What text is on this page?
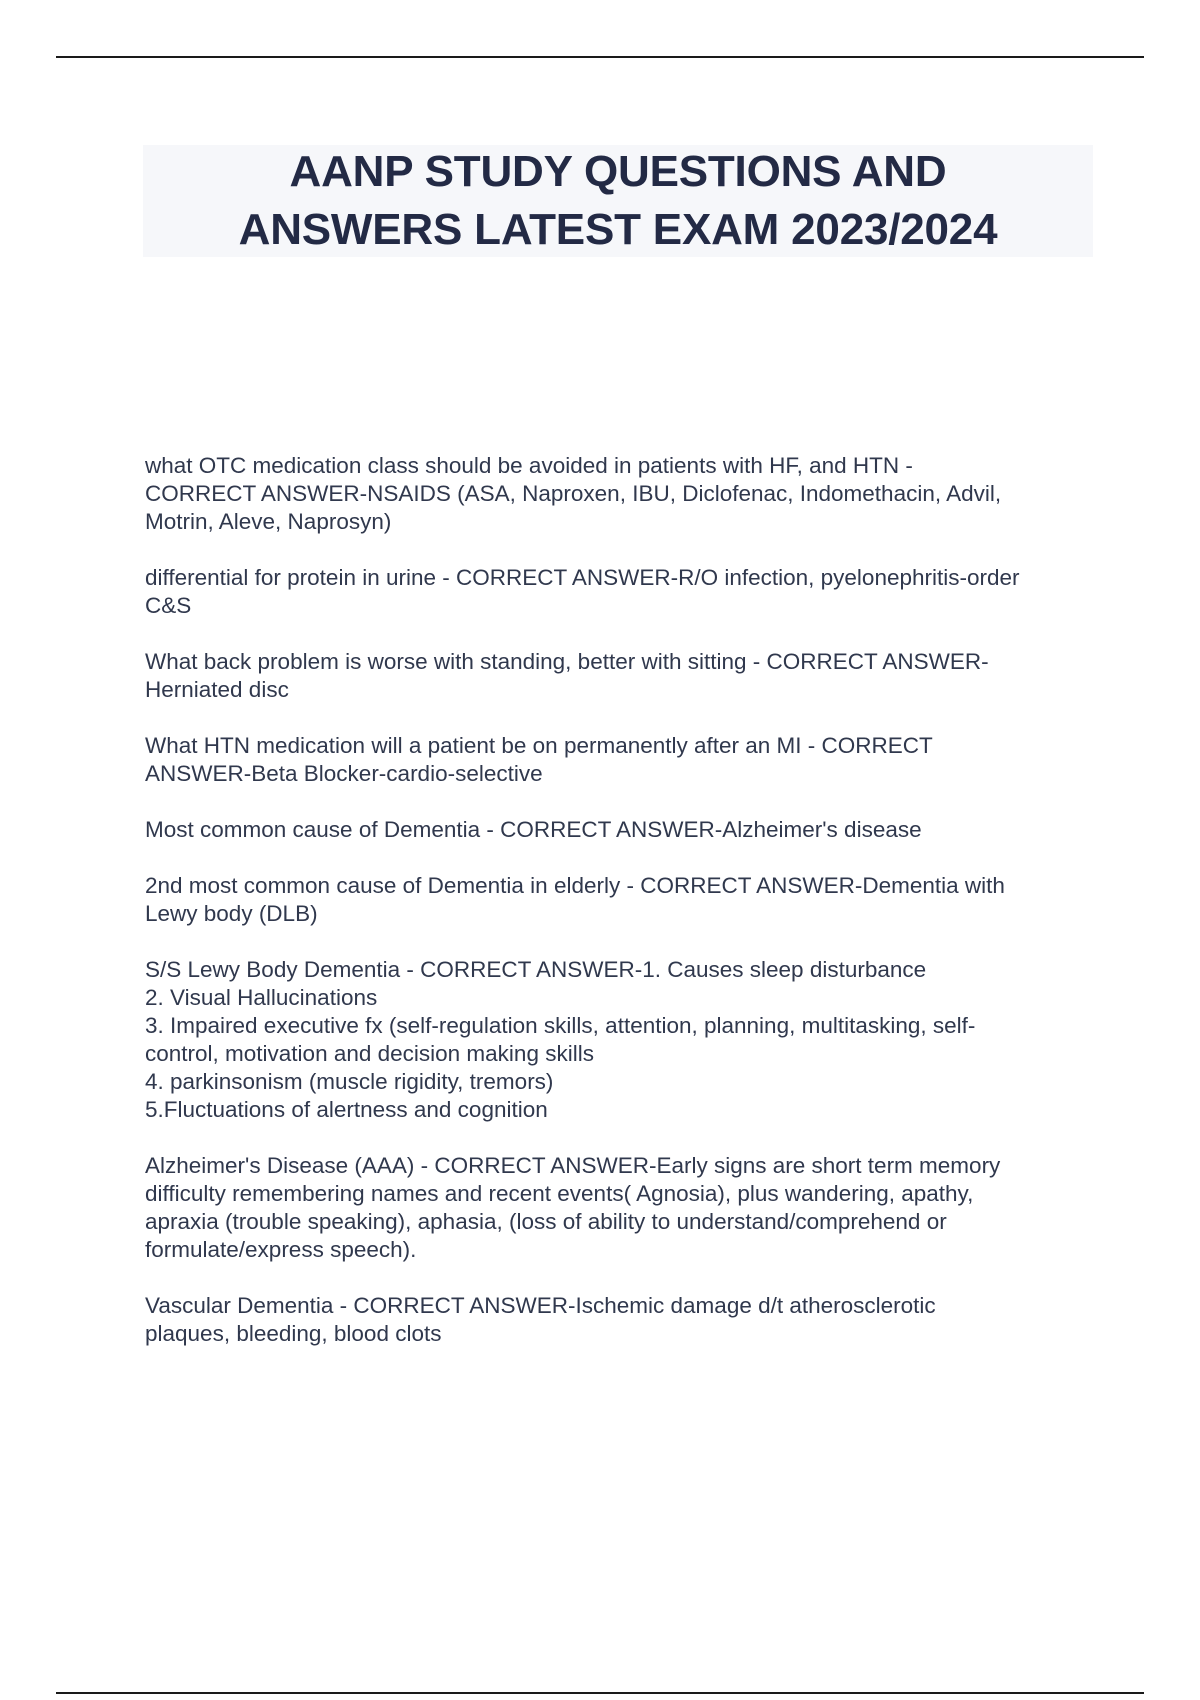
AANP STUDY QUESTIONS AND
ANSWERS LATEST EXAM 2023/2024
what OTC medication class should be avoided in patients with HF, and HTN -
CORRECT ANSWER-NSAIDS (ASA, Naproxen, IBU, Diclofenac, Indomethacin, Advil,
Motrin, Aleve, Naprosyn)
differential for protein in urine - CORRECT ANSWER-R/O infection, pyelonephritis-order
C&S
What back problem is worse with standing, better with sitting - CORRECT ANSWER-
Herniated disc
What HTN medication will a patient be on permanently after an MI - CORRECT
ANSWER-Beta Blocker-cardio-selective
Most common cause of Dementia - CORRECT ANSWER-Alzheimer's disease
2nd most common cause of Dementia in elderly - CORRECT ANSWER-Dementia with
Lewy body (DLB)
S/S Lewy Body Dementia - CORRECT ANSWER-1. Causes sleep disturbance
2. Visual Hallucinations
3. Impaired executive fx (self-regulation skills, attention, planning, multitasking, self-
control, motivation and decision making skills
4. parkinsonism (muscle rigidity, tremors)
5.Fluctuations of alertness and cognition
Alzheimer's Disease (AAA) - CORRECT ANSWER-Early signs are short term memory
difficulty remembering names and recent events( Agnosia), plus wandering, apathy,
apraxia (trouble speaking), aphasia, (loss of ability to understand/comprehend or
formulate/express speech).
Vascular Dementia - CORRECT ANSWER-Ischemic damage d/t atherosclerotic
plaques, bleeding, blood clots
